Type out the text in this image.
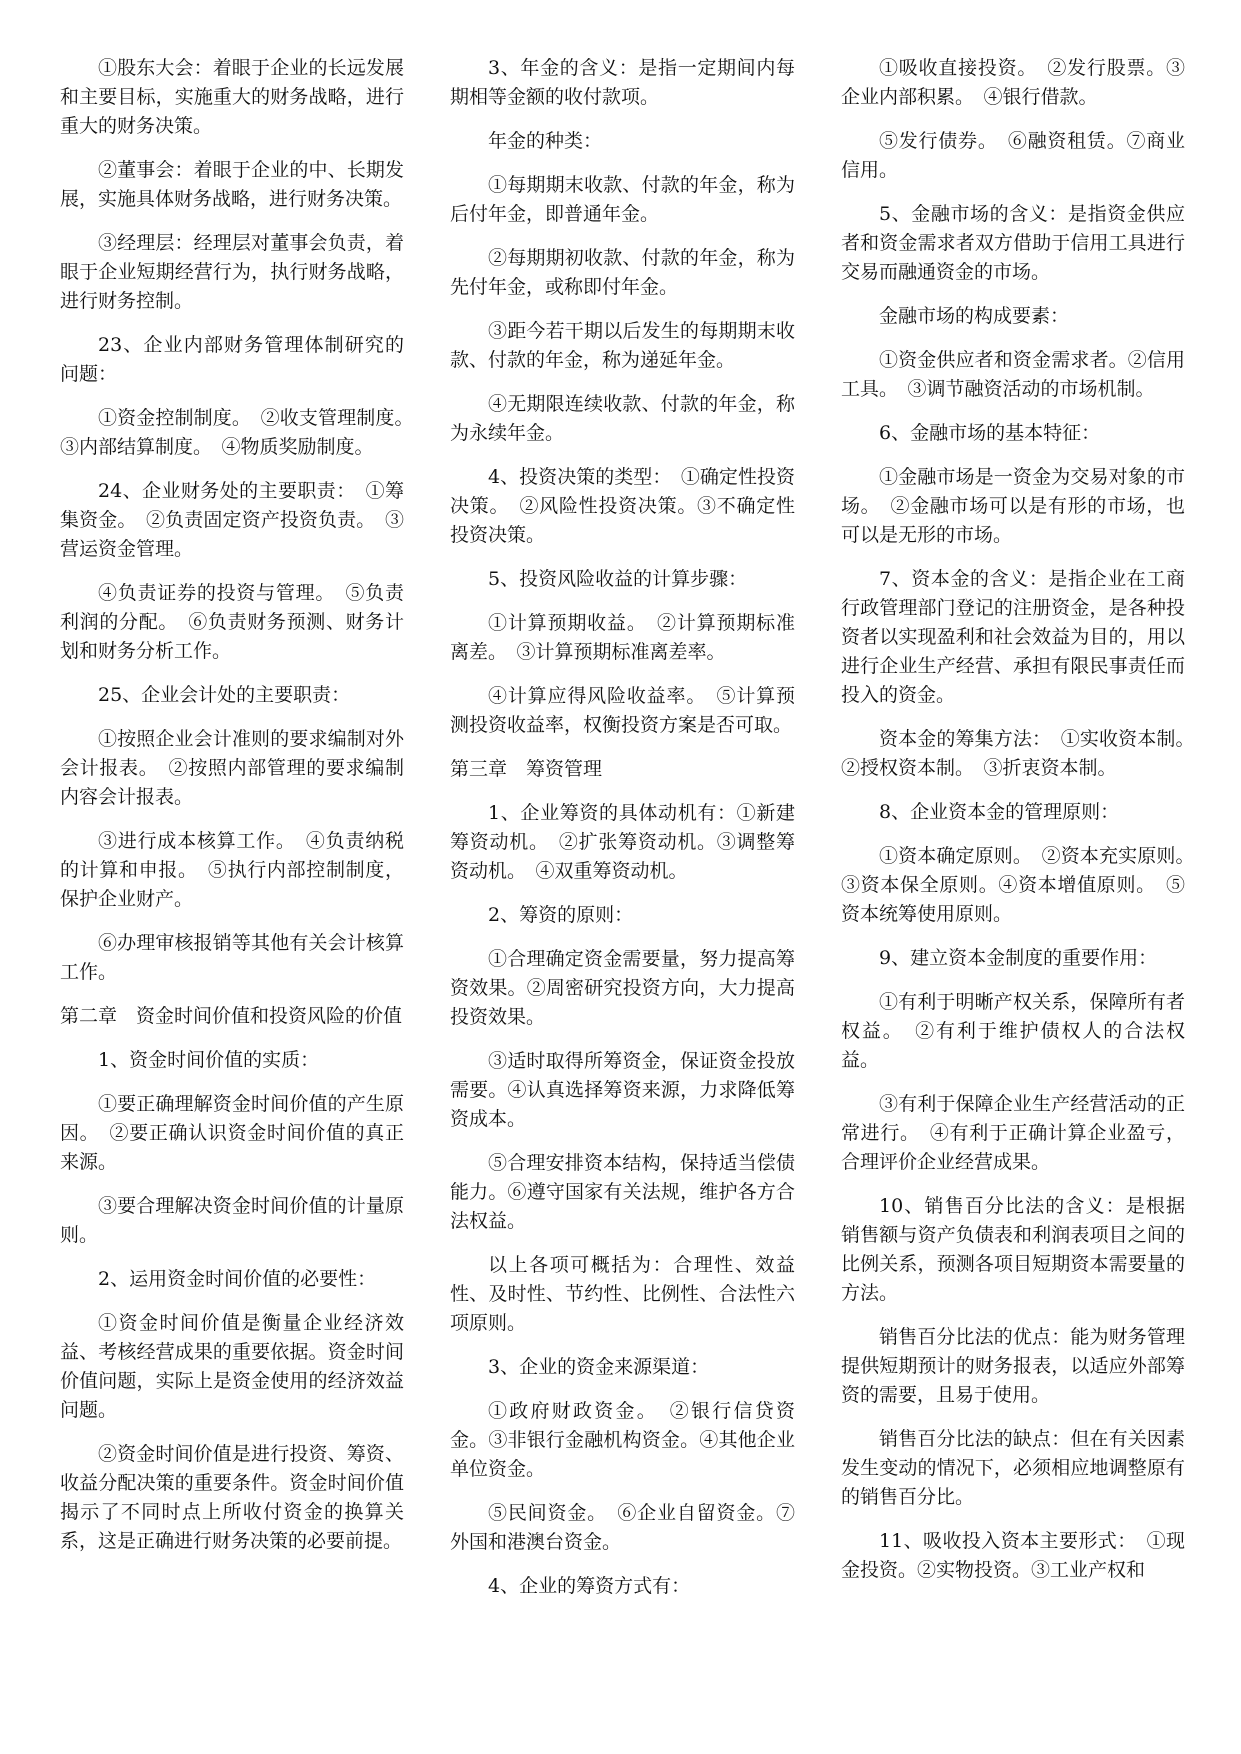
①股东大会：着眼于企业的长远发展和主要目标，实施重大的财务战略，进行重大的财务决策。

②董事会：着眼于企业的中、长期发展，实施具体财务战略，进行财务决策。

③经理层：经理层对董事会负责，着眼于企业短期经营行为，执行财务战略，进行财务控制。

23、企业内部财务管理体制研究的问题：

①资金控制制度。　②收支管理制度。　③内部结算制度。　④物质奖励制度。

24、企业财务处的主要职责：　①筹集资金。　②负责固定资产投资负责。　③营运资金管理。

④负责证券的投资与管理。　⑤负责利润的分配。　⑥负责财务预测、财务计划和财务分析工作。

25、企业会计处的主要职责：

①按照企业会计准则的要求编制对外会计报表。　②按照内部管理的要求编制内容会计报表。

③进行成本核算工作。　④负责纳税的计算和申报。　⑤执行内部控制制度，保护企业财产。

⑥办理审核报销等其他有关会计核算工作。

第二章　资金时间价值和投资风险的价值

1、资金时间价值的实质：

①要正确理解资金时间价值的产生原因。　②要正确认识资金时间价值的真正来源。

③要合理解决资金时间价值的计量原则。

2、运用资金时间价值的必要性：

①资金时间价值是衡量企业经济效益、考核经营成果的重要依据。资金时间价值问题，实际上是资金使用的经济效益问题。

②资金时间价值是进行投资、筹资、收益分配决策的重要条件。资金时间价值揭示了不同时点上所收付资金的换算关系，这是正确进行财务决策的必要前提。

3、年金的含义：是指一定期间内每期相等金额的收付款项。

年金的种类：

①每期期末收款、付款的年金，称为后付年金，即普通年金。

②每期期初收款、付款的年金，称为先付年金，或称即付年金。

③距今若干期以后发生的每期期末收款、付款的年金，称为递延年金。

④无期限连续收款、付款的年金，称为永续年金。

4、投资决策的类型：　①确定性投资决策。　②风险性投资决策。③不确定性投资决策。

5、投资风险收益的计算步骤：

①计算预期收益。　②计算预期标准离差。　③计算预期标准离差率。

④计算应得风险收益率。　⑤计算预测投资收益率，权衡投资方案是否可取。

第三章　筹资管理

1、企业筹资的具体动机有：①新建筹资动机。　②扩张筹资动机。③调整筹资动机。　④双重筹资动机。

2、筹资的原则：

①合理确定资金需要量，努力提高筹资效果。②周密研究投资方向，大力提高投资效果。

③适时取得所筹资金，保证资金投放需要。④认真选择筹资来源，力求降低筹资成本。

⑤合理安排资本结构，保持适当偿债能力。⑥遵守国家有关法规，维护各方合法权益。

以上各项可概括为：合理性、效益性、及时性、节约性、比例性、合法性六项原则。

3、企业的资金来源渠道：

①政府财政资金。　②银行信贷资金。③非银行金融机构资金。④其他企业单位资金。

⑤民间资金。　⑥企业自留资金。⑦外国和港澳台资金。

4、企业的筹资方式有：

①吸收直接投资。　②发行股票。③企业内部积累。　④银行借款。

⑤发行债券。　⑥融资租赁。⑦商业信用。

5、金融市场的含义：是指资金供应者和资金需求者双方借助于信用工具进行交易而融通资金的市场。

金融市场的构成要素：

①资金供应者和资金需求者。②信用工具。　③调节融资活动的市场机制。

6、金融市场的基本特征：

①金融市场是一资金为交易对象的市场。　②金融市场可以是有形的市场，也可以是无形的市场。

7、资本金的含义：是指企业在工商行政管理部门登记的注册资金，是各种投资者以实现盈利和社会效益为目的，用以进行企业生产经营、承担有限民事责任而投入的资金。

资本金的筹集方法：　①实收资本制。　②授权资本制。　③折衷资本制。

8、企业资本金的管理原则：

①资本确定原则。　②资本充实原则。　③资本保全原则。④资本增值原则。　⑤资本统筹使用原则。

9、建立资本金制度的重要作用：

①有利于明晰产权关系，保障所有者权益。　②有利于维护债权人的合法权益。

③有利于保障企业生产经营活动的正常进行。　④有利于正确计算企业盈亏，合理评价企业经营成果。

10、销售百分比法的含义：是根据销售额与资产负债表和利润表项目之间的比例关系，预测各项目短期资本需要量的方法。

销售百分比法的优点：能为财务管理提供短期预计的财务报表，以适应外部筹资的需要，且易于使用。

销售百分比法的缺点：但在有关因素发生变动的情况下，必须相应地调整原有的销售百分比。

11、吸收投入资本主要形式：　①现金投资。②实物投资。③工业产权和
